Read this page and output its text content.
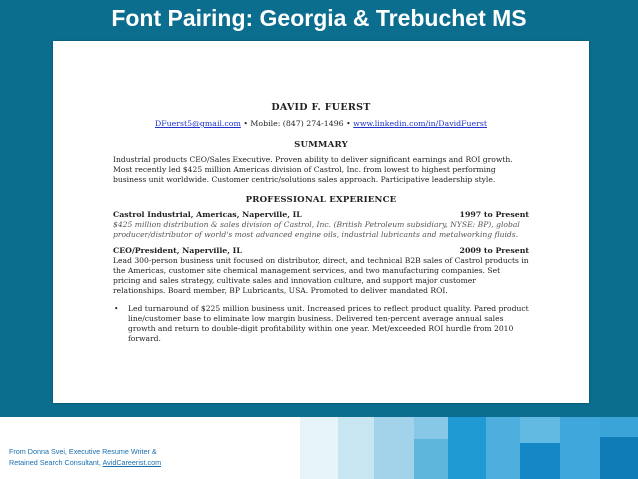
Font Pairing: Georgia & Trebuchet MS
DAVID F. FUERST
DFuerst5@gmail.com • Mobile: (847) 274-1496 • www.linkedin.com/in/DavidFuerst
SUMMARY
Industrial products CEO/Sales Executive. Proven ability to deliver significant earnings and ROI growth. Most recently led $425 million Americas division of Castrol, Inc. from lowest to highest performing business unit worldwide. Customer centric/solutions sales approach. Participative leadership style.
PROFESSIONAL EXPERIENCE
Castrol Industrial, Americas, Naperville, IL	1997 to Present
$425 million distribution & sales division of Castrol, Inc. (British Petroleum subsidiary, NYSE: BP), global producer/distributor of world's most advanced engine oils, industrial lubricants and metalworking fluids.
CEO/President, Naperville, IL	2009 to Present
Lead 300-person business unit focused on distributor, direct, and technical B2B sales of Castrol products in the Americas, customer site chemical management services, and two manufacturing companies. Set pricing and sales strategy, cultivate sales and innovation culture, and support major customer relationships. Board member, BP Lubricants, USA. Promoted to deliver mandated ROI.
•	Led turnaround of $225 million business unit. Increased prices to reflect product quality. Pared product line/customer base to eliminate low margin business. Delivered ten-percent average annual sales growth and return to double-digit profitability within one year. Met/exceeded ROI hurdle from 2010 forward.
From Donna Svei, Executive Resume Writer &
Retained Search Consultant, AvidCareerist.com
